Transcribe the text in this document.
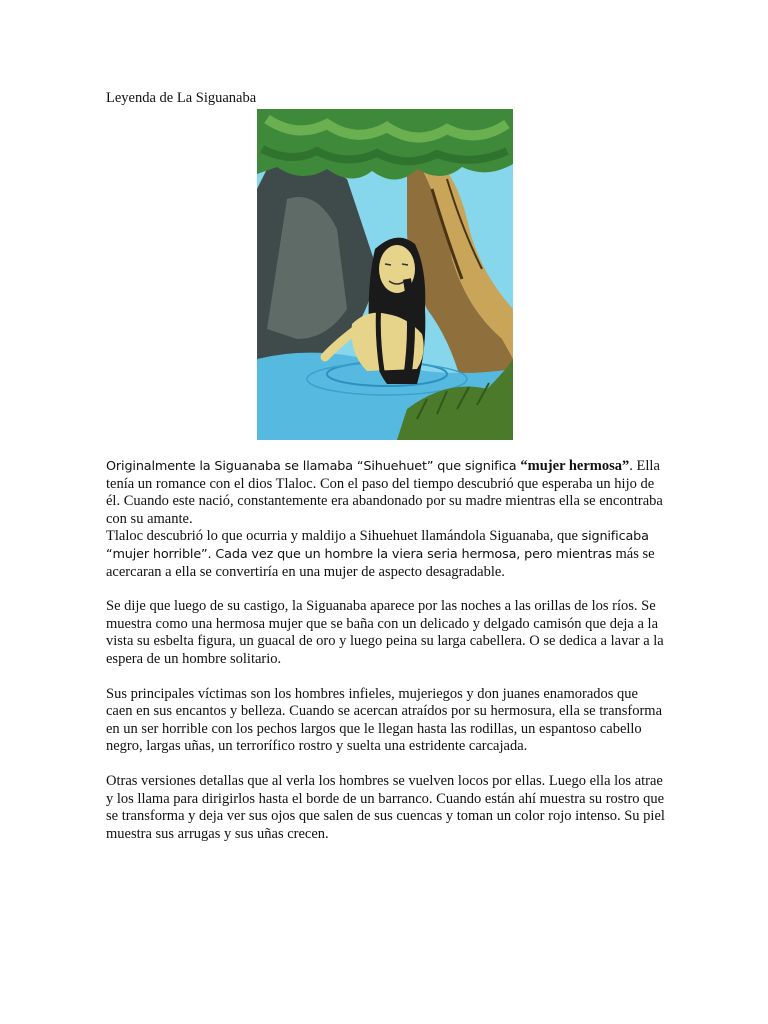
Leyenda de La Siguanaba

Originalmente la Siguanaba se llamaba “Sihuehuet” que significa “mujer hermosa”. Ella tenía un romance con el dios Tlaloc. Con el paso del tiempo descubrió que esperaba un hijo de él. Cuando este nació, constantemente era abandonado por su madre mientras ella se encontraba con su amante.

Tlaloc descubrió lo que ocurria y maldijo a Sihuehuet llamándola Siguanaba, que significaba “mujer horrible”. Cada vez que un hombre la viera seria hermosa, pero mientras más se acercaran a ella se convertiría en una mujer de aspecto desagradable.

Se dije que luego de su castigo, la Siguanaba aparece por las noches a las orillas de los ríos. Se muestra como una hermosa mujer que se baña con un delicado y delgado camisón que deja a la vista su esbelta figura, un guacal de oro y luego peina su larga cabellera. O se dedica a lavar a la espera de un hombre solitario.

Sus principales víctimas son los hombres infieles, mujeriegos y don juanes enamorados que caen en sus encantos y belleza. Cuando se acercan atraídos por su hermosura, ella se transforma en un ser horrible con los pechos largos que le llegan hasta las rodillas, un espantoso cabello negro, largas uñas, un terrorífico rostro y suelta una estridente carcajada.

Otras versiones detallas que al verla los hombres se vuelven locos por ellas. Luego ella los atrae y los llama para dirigirlos hasta el borde de un barranco. Cuando están ahí muestra su rostro que se transforma y deja ver sus ojos que salen de sus cuencas y toman un color rojo intenso. Su piel muestra sus arrugas y sus uñas crecen.
